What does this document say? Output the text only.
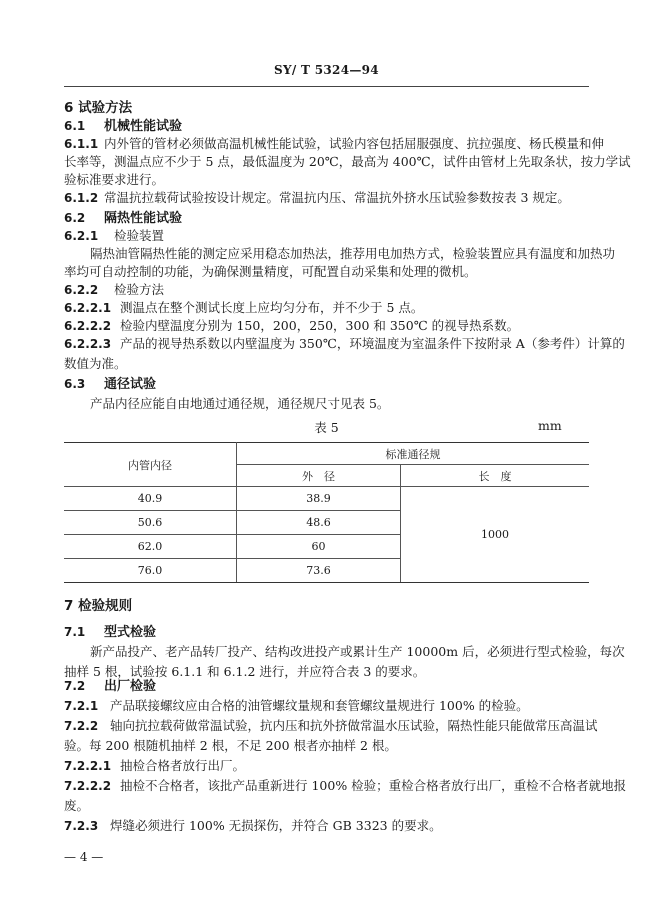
SY/ T 5324—94
6 试验方法
6.1 机械性能试验
6.1.1 内外管的管材必须做高温机械性能试验，试验内容包括屈服强度、抗拉强度、杨氏模量和伸
长率等，测温点应不少于 5 点，最低温度为 20℃，最高为 400℃，试件由管材上先取条状，按力学试
验标准要求进行。
6.1.2 常温抗拉载荷试验按设计规定。常温抗内压、常温抗外挤水压试验参数按表 3 规定。
6.2 隔热性能试验
6.2.1 检验装置
隔热油管隔热性能的测定应采用稳态加热法，推荐用电加热方式，检验装置应具有温度和加热功
率均可自动控制的功能，为确保测量精度，可配置自动采集和处理的微机。
6.2.2 检验方法
6.2.2.1 测温点在整个测试长度上应均匀分布，并不少于 5 点。
6.2.2.2 检验内壁温度分别为 150，200，250，300 和 350℃ 的视导热系数。
6.2.2.3 产品的视导热系数以内壁温度为 350℃，环境温度为室温条件下按附录 A（参考件）计算的
数值为准。
6.3 通径试验
表 5	mm
内管内径	标准通径规	
	外　径	长　度
40.9	38.9	1000
50.6	48.6	
62.0	60	
76.0	73.6	
7 检验规则
7.1 型式检验
新产品投产、老产品转厂投产、结构改进投产或累计生产 10000m 后，必须进行型式检验，每次
抽样 5 根，试验按 6.1.1 和 6.1.2 进行，并应符合表 3 的要求。
7.2 出厂检验
7.2.1 产品联接螺纹应由合格的油管螺纹量规和套管螺纹量规进行 100% 的检验。
7.2.2 轴向抗拉载荷做常温试验，抗内压和抗外挤做常温水压试验，隔热性能只能做常压高温试
验。每 200 根随机抽样 2 根，不足 200 根者亦抽样 2 根。
7.2.2.1 抽检合格者放行出厂。
7.2.2.2 抽检不合格者，该批产品重新进行 100% 检验；重检合格者放行出厂，重检不合格者就地报
废。
7.2.3 焊缝必须进行 100% 无损探伤，并符合 GB 3323 的要求。
— 4 —
产品内径应能自由地通过通径规，通径规尺寸见表 5。
